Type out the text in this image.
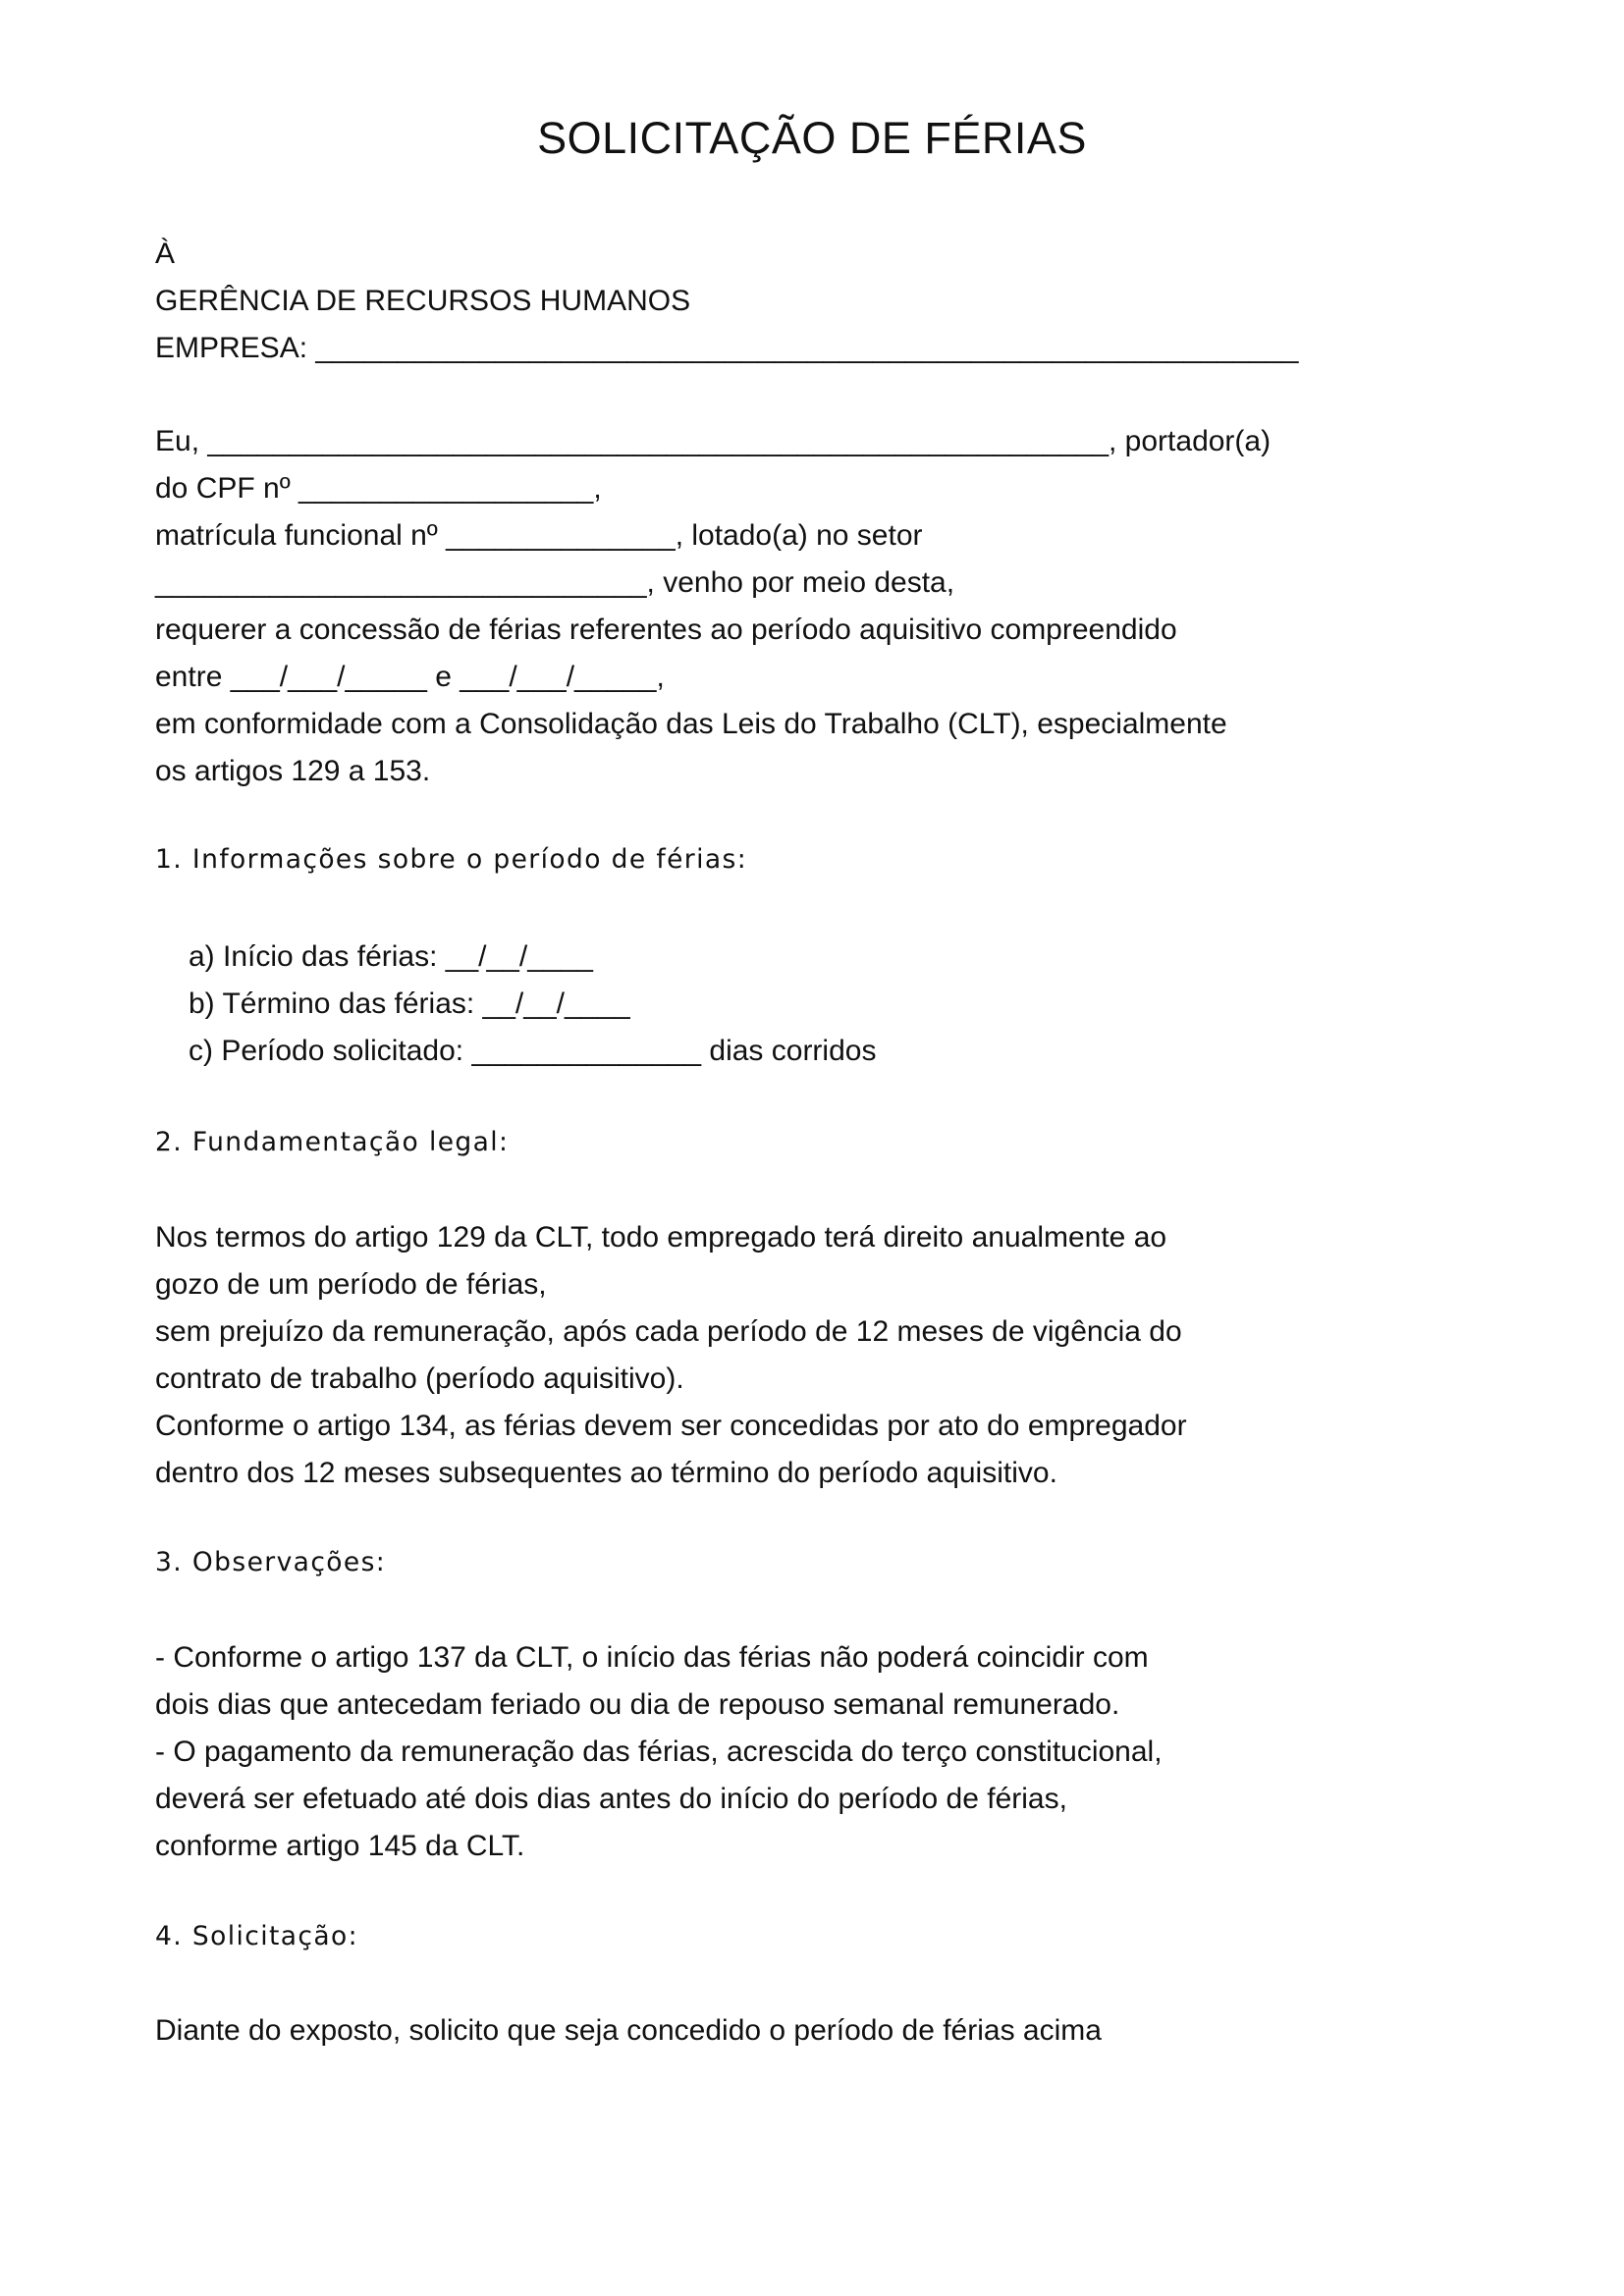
SOLICITAÇÃO DE FÉRIAS
À
GERÊNCIA DE RECURSOS HUMANOS
EMPRESA: ____________________________________________________________
Eu, _______________________________________________________, portador(a)
do CPF nº __________________,
matrícula funcional nº ______________, lotado(a) no setor
______________________________, venho por meio desta,
requerer a concessão de férias referentes ao período aquisitivo compreendido
entre ___/___/_____ e ___/___/_____,
em conformidade com a Consolidação das Leis do Trabalho (CLT), especialmente
os artigos 129 a 153.
1. Informações sobre o período de férias:
a) Início das férias: __/__/____
b) Término das férias: __/__/____
c) Período solicitado: ______________ dias corridos
2. Fundamentação legal:
Nos termos do artigo 129 da CLT, todo empregado terá direito anualmente ao
gozo de um período de férias,
sem prejuízo da remuneração, após cada período de 12 meses de vigência do
contrato de trabalho (período aquisitivo).
Conforme o artigo 134, as férias devem ser concedidas por ato do empregador
dentro dos 12 meses subsequentes ao término do período aquisitivo.
3. Observações:
- Conforme o artigo 137 da CLT, o início das férias não poderá coincidir com
dois dias que antecedam feriado ou dia de repouso semanal remunerado.
- O pagamento da remuneração das férias, acrescida do terço constitucional,
deverá ser efetuado até dois dias antes do início do período de férias,
conforme artigo 145 da CLT.
4. Solicitação:
Diante do exposto, solicito que seja concedido o período de férias acima
